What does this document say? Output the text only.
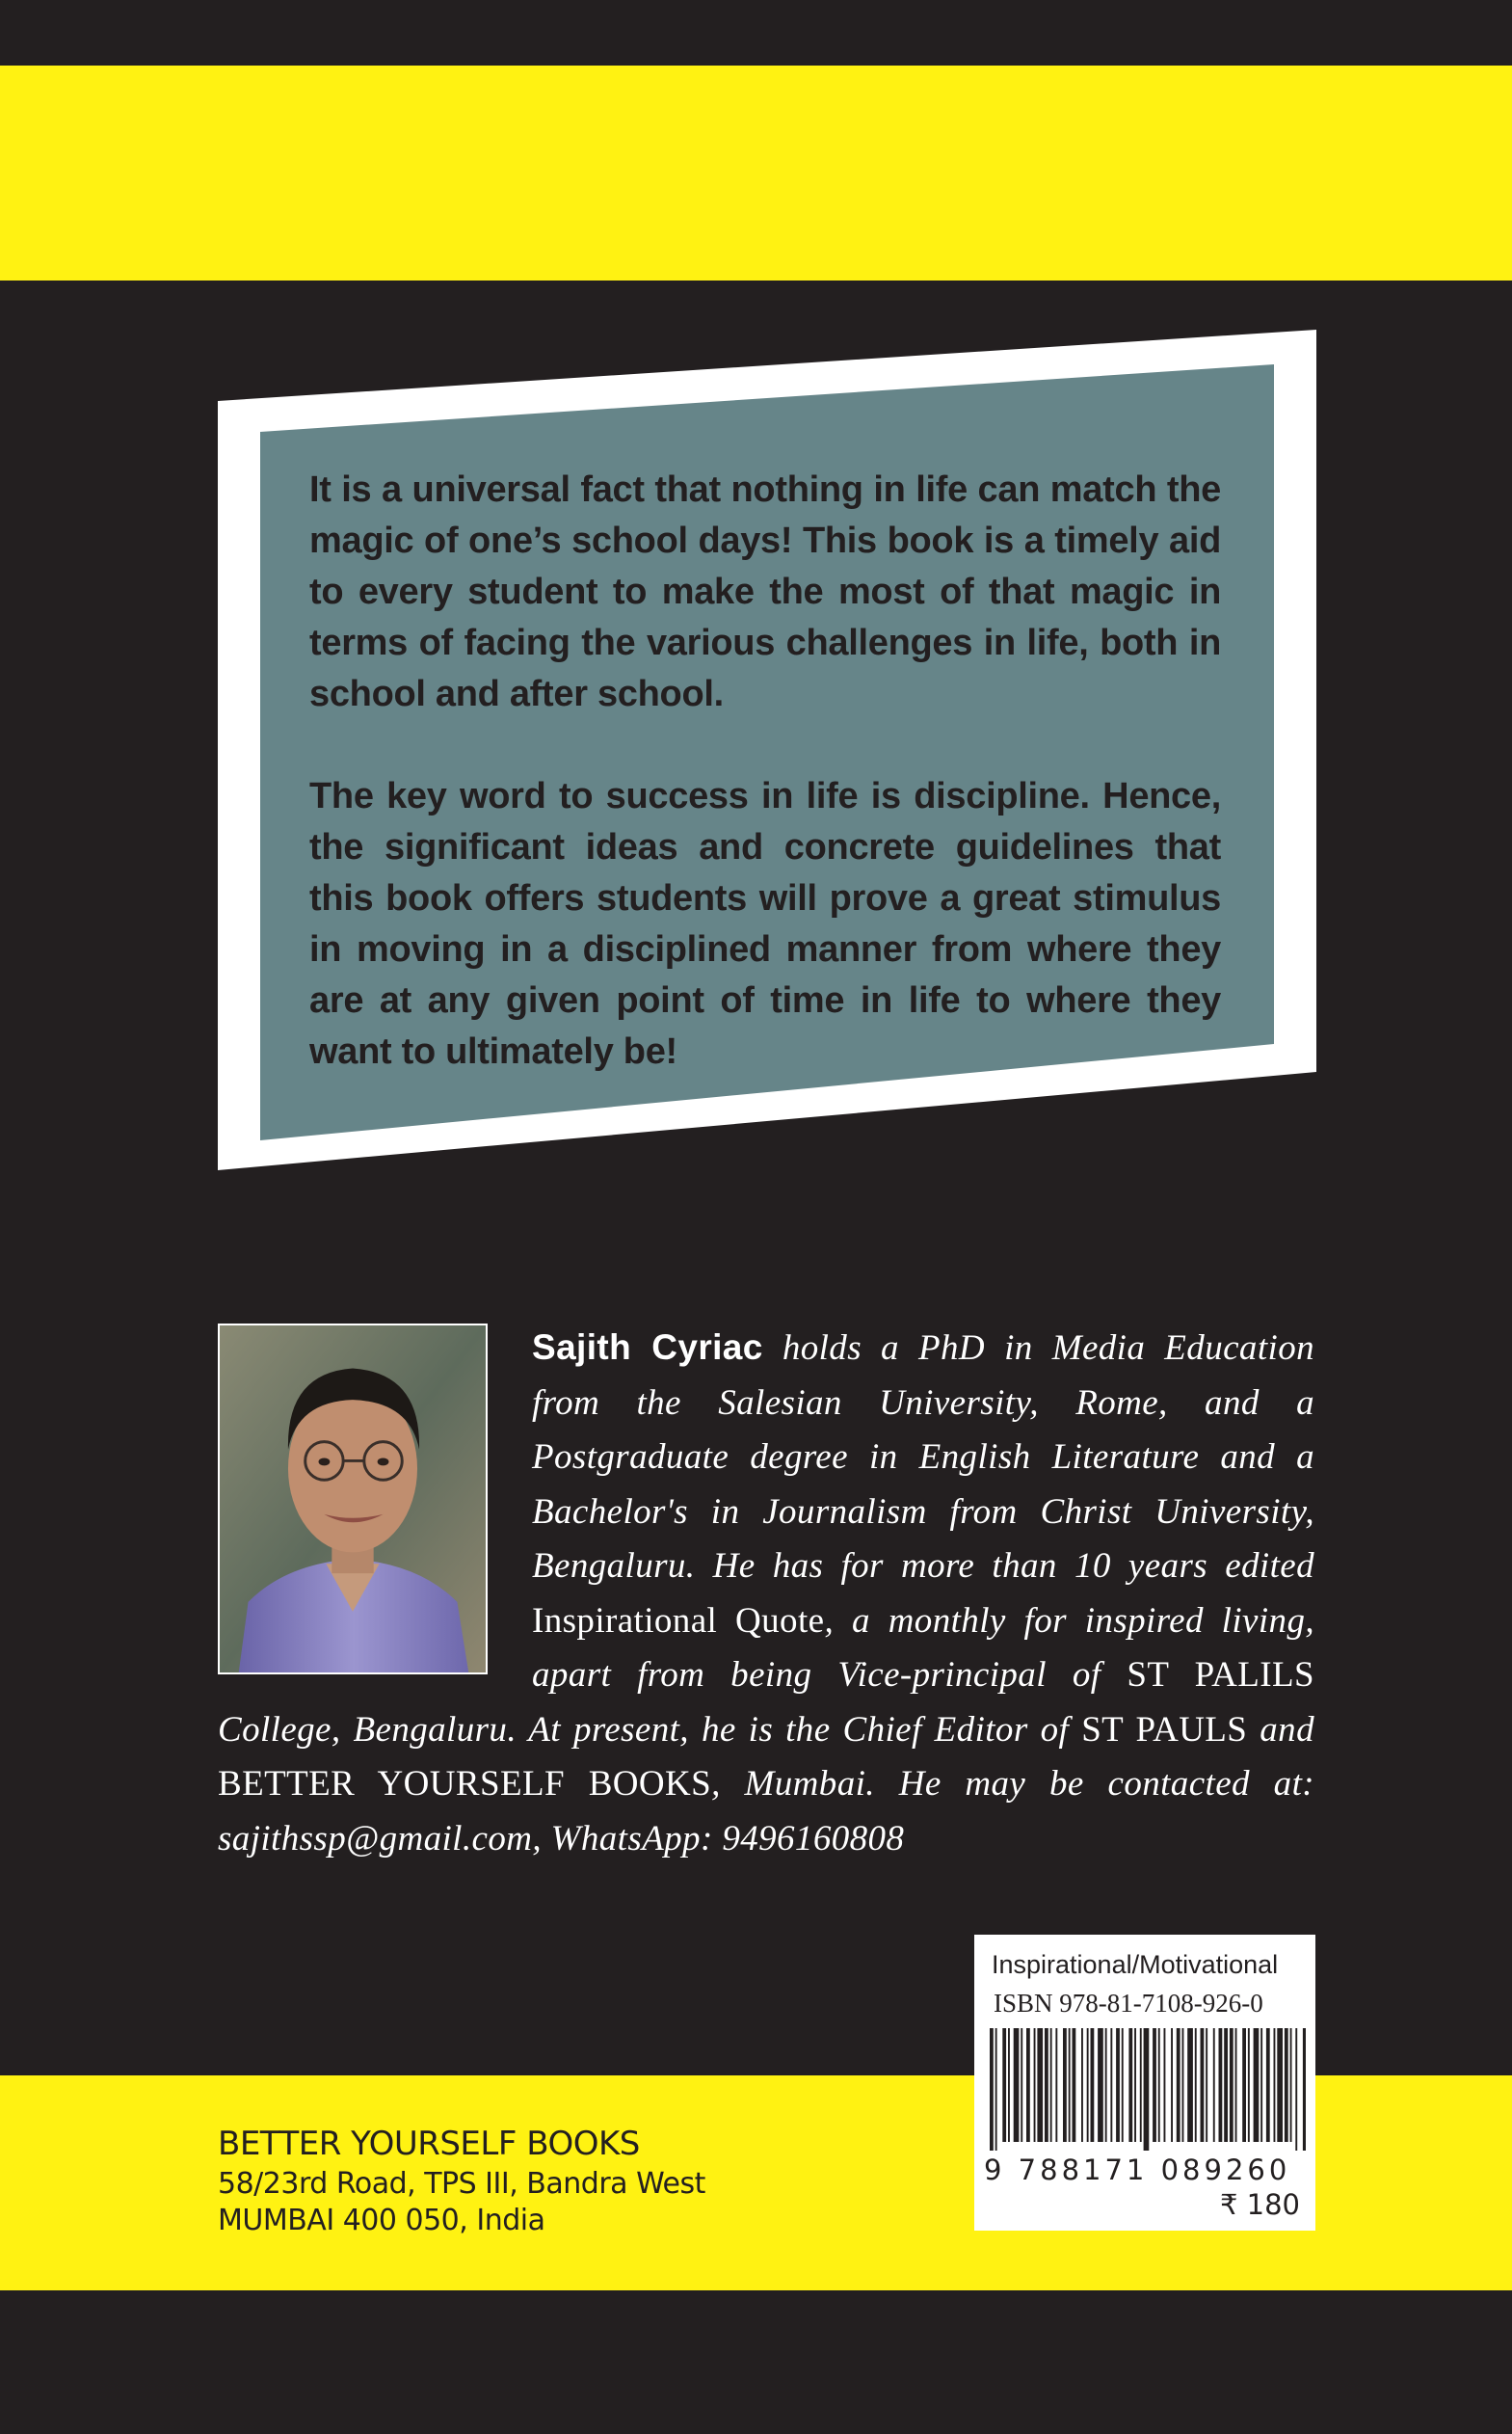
It is a universal fact that nothing in life can match the magic of one’s school days! This book is a timely aid to every student to make the most of that magic in terms of facing the various challenges in life, both in school and after school.

The key word to success in life is discipline. Hence, the significant ideas and concrete guidelines that this book offers students will prove a great stimulus in moving in a disciplined manner from where they are at any given point of time in life to where they want to ultimately be!

Sajith Cyriac holds a PhD in Media Education from the Salesian University, Rome, and a Postgraduate degree in English Literature and a Bachelor's in Journalism from Christ University, Bengaluru. He has for more than 10 years edited Inspirational Quote, a monthly for inspired living, apart from being Vice-principal of ST PALILS College, Bengaluru. At present, he is the Chief Editor of ST PAULS and BETTER YOURSELF BOOKS, Mumbai. He may be contacted at: sajithssp@gmail.com, WhatsApp: 9496160808

Inspirational/Motivational
ISBN 978-81-7108-926-0
9 788171 089260
₹ 180
BETTER YOURSELF BOOKS
58/23rd Road, TPS III, Bandra West
MUMBAI 400 050, India
